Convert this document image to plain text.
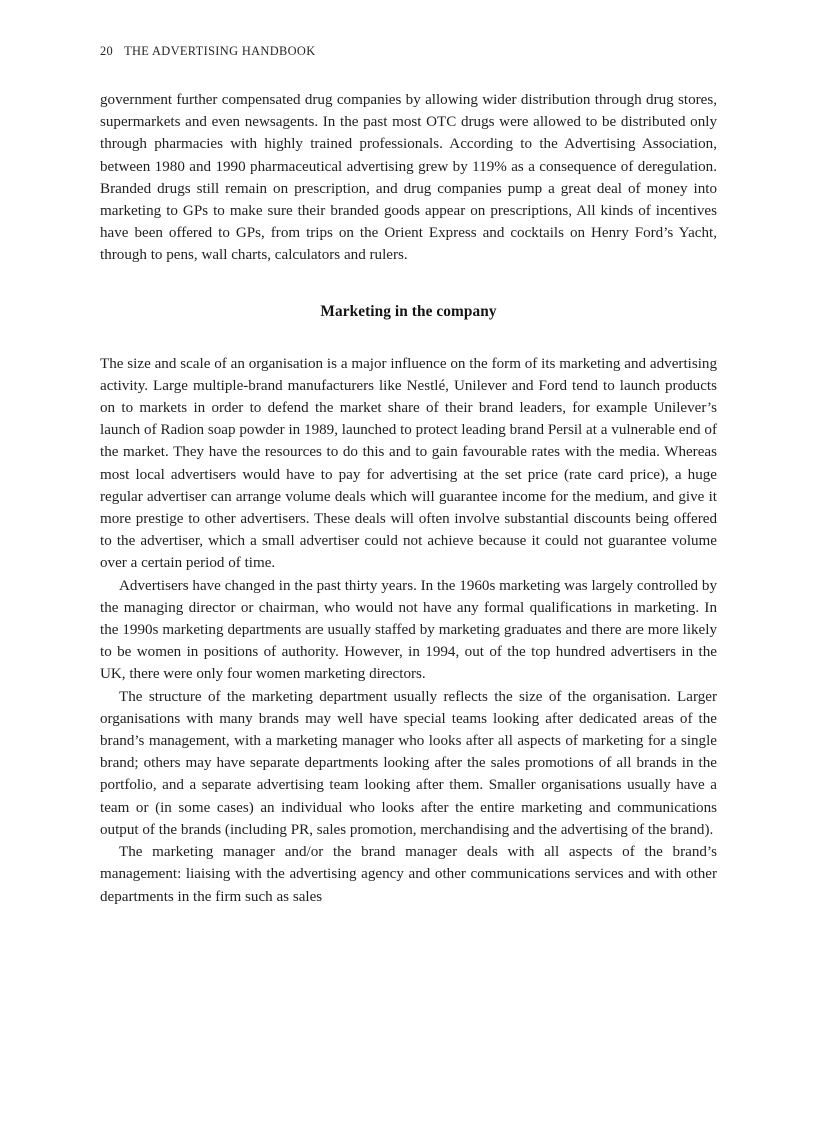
20 THE ADVERTISING HANDBOOK

government further compensated drug companies by allowing wider distribution through drug stores, supermarkets and even newsagents. In the past most OTC drugs were allowed to be distributed only through pharmacies with highly trained professionals. According to the Advertising Association, between 1980 and 1990 pharmaceutical advertising grew by 119% as a consequence of deregulation. Branded drugs still remain on prescription, and drug companies pump a great deal of money into marketing to GPs to make sure their branded goods appear on prescriptions, All kinds of incentives have been offered to GPs, from trips on the Orient Express and cocktails on Henry Ford’s Yacht, through to pens, wall charts, calculators and rulers.

Marketing in the company

The size and scale of an organisation is a major influence on the form of its marketing and advertising activity. Large multiple-brand manufacturers like Nestlé, Unilever and Ford tend to launch products on to markets in order to defend the market share of their brand leaders, for example Unilever’s launch of Radion soap powder in 1989, launched to protect leading brand Persil at a vulnerable end of the market. They have the resources to do this and to gain favourable rates with the media. Whereas most local advertisers would have to pay for advertising at the set price (rate card price), a huge regular advertiser can arrange volume deals which will guarantee income for the medium, and give it more prestige to other advertisers. These deals will often involve substantial discounts being offered to the advertiser, which a small advertiser could not achieve because it could not guarantee volume over a certain period of time.

Advertisers have changed in the past thirty years. In the 1960s marketing was largely controlled by the managing director or chairman, who would not have any formal qualifications in marketing. In the 1990s marketing departments are usually staffed by marketing graduates and there are more likely to be women in positions of authority. However, in 1994, out of the top hundred advertisers in the UK, there were only four women marketing directors.

The structure of the marketing department usually reflects the size of the organisation. Larger organisations with many brands may well have special teams looking after dedicated areas of the brand’s management, with a marketing manager who looks after all aspects of marketing for a single brand; others may have separate departments looking after the sales promotions of all brands in the portfolio, and a separate advertising team looking after them. Smaller organisations usually have a team or (in some cases) an individual who looks after the entire marketing and communications output of the brands (including PR, sales promotion, merchandising and the advertising of the brand).

The marketing manager and/or the brand manager deals with all aspects of the brand’s management: liaising with the advertising agency and other communications services and with other departments in the firm such as sales
